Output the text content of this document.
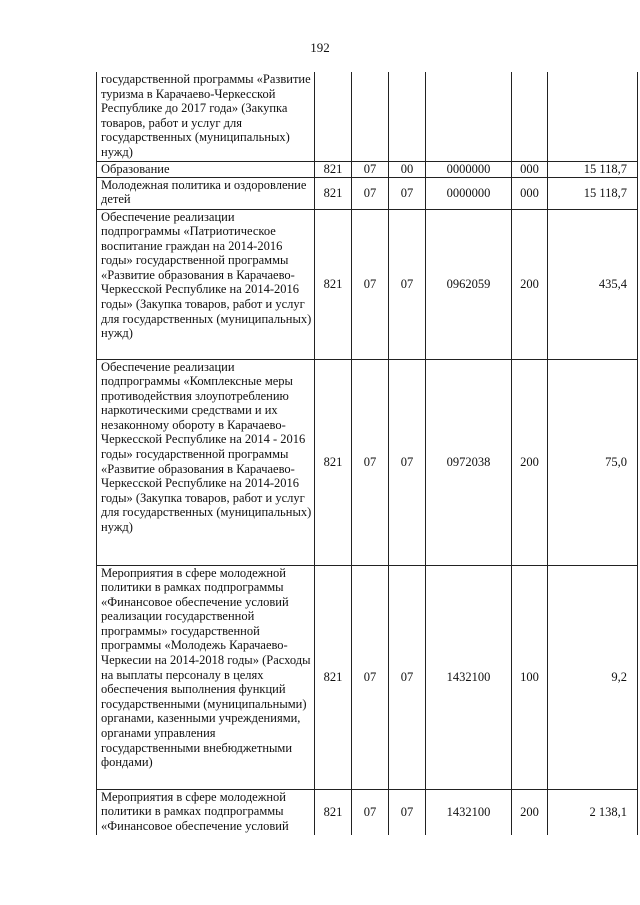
192
государственной программы «Развитие туризма в Карачаево-Черкесской Республике до 2017 года» (Закупка товаров, работ и услуг для государственных (муниципальных) нужд)						
Образование	821	07	00	0000000	000	15 118,7
Молодежная политика и оздоровление детей	821	07	07	0000000	000	15 118,7
Обеспечение реализации подпрограммы «Патриотическое воспитание граждан на 2014-2016 годы» государственной программы «Развитие образования в Карачаево-Черкесской Республике на 2014-2016 годы» (Закупка товаров, работ и услуг для государственных (муниципальных) нужд)	821	07	07	0962059	200	435,4
Обеспечение реализации подпрограммы «Комплексные меры противодействия злоупотреблению наркотическими средствами и их незаконному обороту в Карачаево-Черкесской Республике на 2014 - 2016 годы» государственной программы «Развитие образования в Карачаево-Черкесской Республике на 2014-2016 годы» (Закупка товаров, работ и услуг для государственных (муниципальных) нужд)	821	07	07	0972038	200	75,0
Мероприятия в сфере молодежной политики в рамках подпрограммы «Финансовое обеспечение условий реализации государственной программы» государственной программы «Молодежь Карачаево-Черкесии на 2014-2018 годы» (Расходы на выплаты персоналу в целях обеспечения выполнения функций государственными (муниципальными) органами, казенными учреждениями, органами управления государственными внебюджетными фондами)	821	07	07	1432100	100	9,2
Мероприятия в сфере молодежной политики в рамках подпрограммы «Финансовое обеспечение условий	821	07	07	1432100	200	2 138,1
